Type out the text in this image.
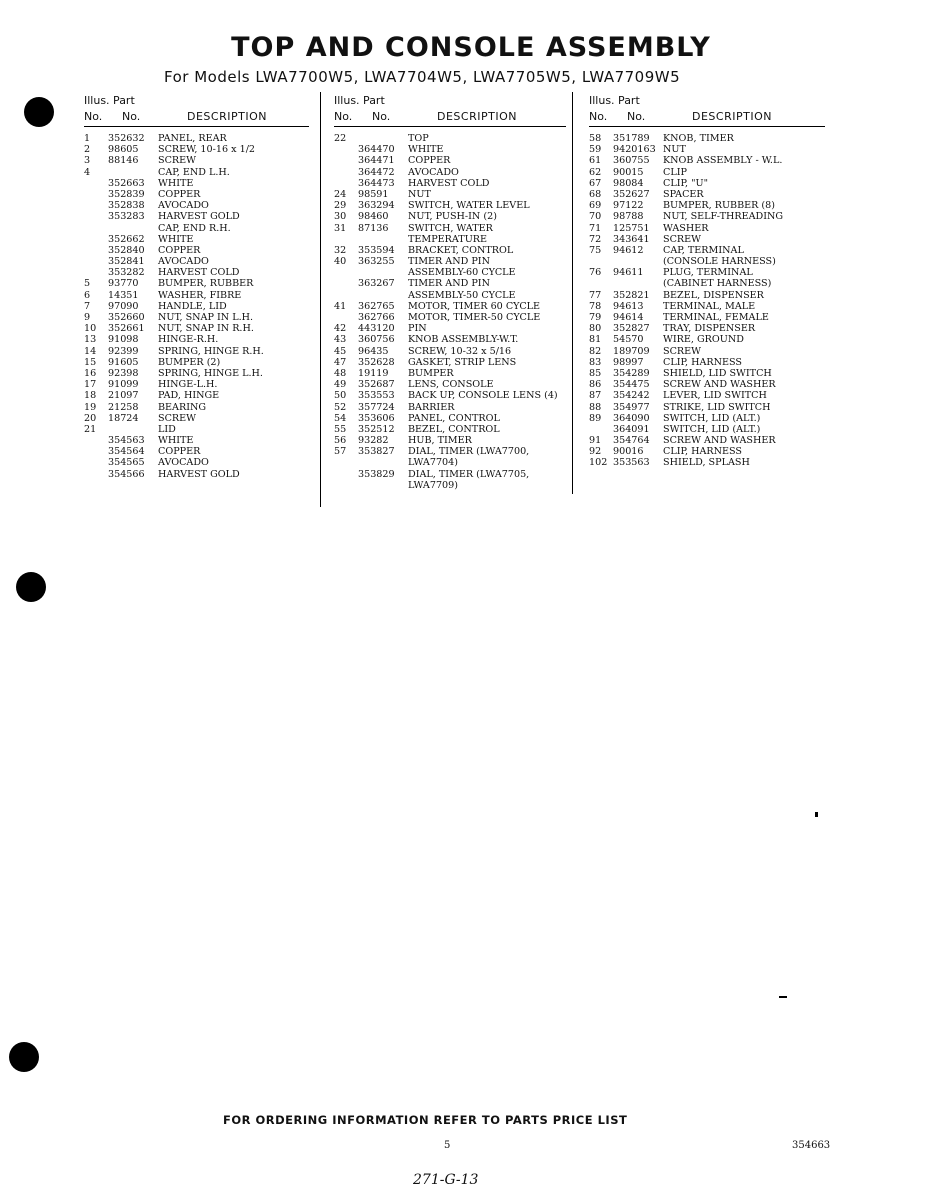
TOP AND CONSOLE ASSEMBLY
For Models LWA7700W5, LWA7704W5, LWA7705W5, LWA7709W5
Illus. Part
No. No.	DESCRIPTION
1	352632 PANEL, REAR
2	98605 SCREW, 10-16 x 1/2
3	88146 SCREW
4	CAP, END L.H.
352663 WHITE
352839 COPPER
352838 AVOCADO
353283 HARVEST GOLD
CAP, END R.H.
352662 WHITE
352840 COPPER
352841 AVOCADO
353282 HARVEST COLD
5	93770 BUMPER, RUBBER
6	14351 WASHER, FIBRE
7	97090 HANDLE, LID
9	352660 NUT, SNAP IN L.H.
10	352661 NUT, SNAP IN R.H.
13	91098 HINGE-R.H.
14	92399 SPRING, HINGE R.H.
15	91605 BUMPER (2)
16	92398 SPRING, HINGE L.H.
17	91099 HINGE-L.H.
18	21097 PAD, HINGE
19	21258 BEARING
20	18724 SCREW
21	LID
354563 WHITE
354564 COPPER
354565 AVOCADO
354566 HARVEST GOLD
Illus. Part
No. No.	DESCRIPTION
22	TOP
364470 WHITE
364471 COPPER
364472 AVOCADO
364473 HARVEST COLD
24	98591 NUT
29	363294 SWITCH, WATER LEVEL
30	98460 NUT, PUSH-IN (2)
31	87136 SWITCH, WATER
TEMPERATURE
32	353594 BRACKET, CONTROL
40	363255 TIMER AND PIN
ASSEMBLY-60 CYCLE
363267 TIMER AND PIN
ASSEMBLY-50 CYCLE
41	362765 MOTOR, TIMER 60 CYCLE
362766 MOTOR, TIMER-50 CYCLE
42	443120 PIN
43	360756 KNOB ASSEMBLY-W.T.
45	96435 SCREW, 10-32 x 5/16
47	352628 GASKET, STRIP LENS
48	19119 BUMPER
49	352687 LENS, CONSOLE
50	353553 BACK UP, CONSOLE LENS (4)
52	357724 BARRIER
54	353606 PANEL, CONTROL
55	352512 BEZEL, CONTROL
56	93282 HUB, TIMER
57	353827 DIAL, TIMER (LWA7700,
LWA7704)
353829 DIAL, TIMER (LWA7705,
LWA7709)
Illus. Part
No. No.	DESCRIPTION
58	351789 KNOB, TIMER
59	9420163 NUT
61	360755 KNOB ASSEMBLY - W.L.
62	90015 CLIP
67	98084 CLIP, "U"
68	352627 SPACER
69	97122 BUMPER, RUBBER (8)
70	98788 NUT, SELF-THREADING
71	125751 WASHER
72	343641 SCREW
75	94612 CAP, TERMINAL
(CONSOLE HARNESS)
76	94611 PLUG, TERMINAL
(CABINET HARNESS)
77	352821 BEZEL, DISPENSER
78	94613 TERMINAL, MALE
79	94614 TERMINAL, FEMALE
80	352827 TRAY, DISPENSER
81	54570 WIRE, GROUND
82	189709 SCREW
83	98997 CLIP, HARNESS
85	354289 SHIELD, LID SWITCH
86	354475 SCREW AND WASHER
87	354242 LEVER, LID SWITCH
88	354977 STRIKE, LID SWITCH
89	364090 SWITCH, LID (ALT.)
364091 SWITCH, LID (ALT.)
91	354764 SCREW AND WASHER
92	90016 CLIP, HARNESS
102 353563 SHIELD, SPLASH
FOR ORDERING INFORMATION REFER TO PARTS PRICE LIST
5	354663
271-G-13
